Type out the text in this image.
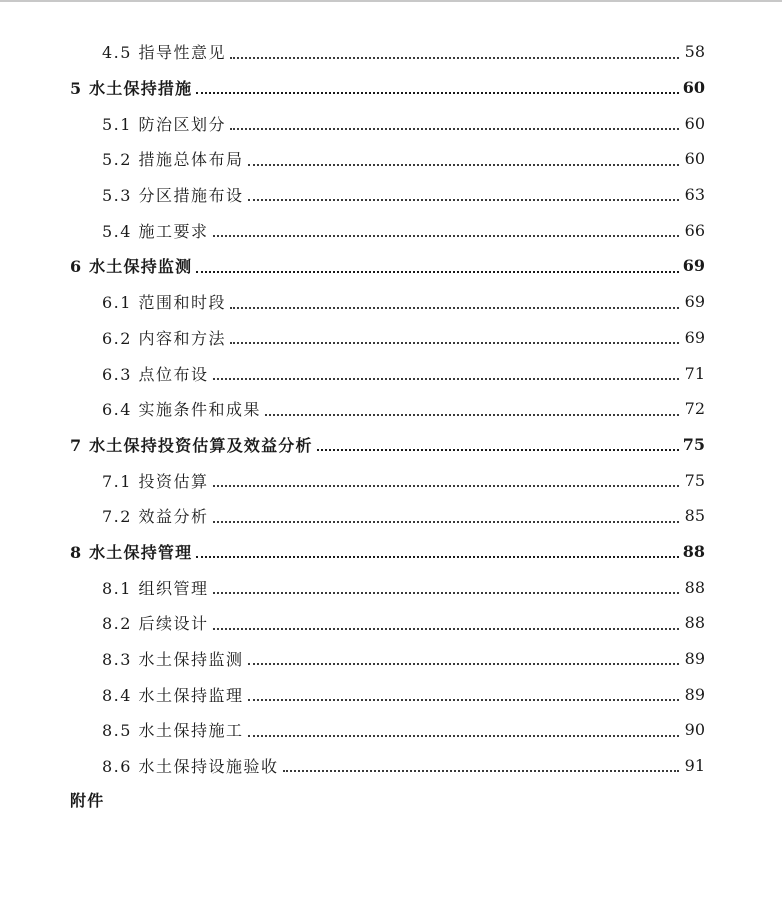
4.5 指导性意见	58
5 水土保持措施	60
5.1 防治区划分	60
5.2 措施总体布局	60
5.3 分区措施布设	63
5.4 施工要求	66
6 水土保持监测	69
6.1 范围和时段	69
6.2 内容和方法	69
6.3 点位布设	71
6.4 实施条件和成果	72
7 水土保持投资估算及效益分析	75
7.1 投资估算	75
7.2 效益分析	85
8 水土保持管理	88
8.1 组织管理	88
8.2 后续设计	88
8.3 水土保持监测	89
8.4 水土保持监理	89
8.5 水土保持施工	90
8.6 水土保持设施验收	91
附件
